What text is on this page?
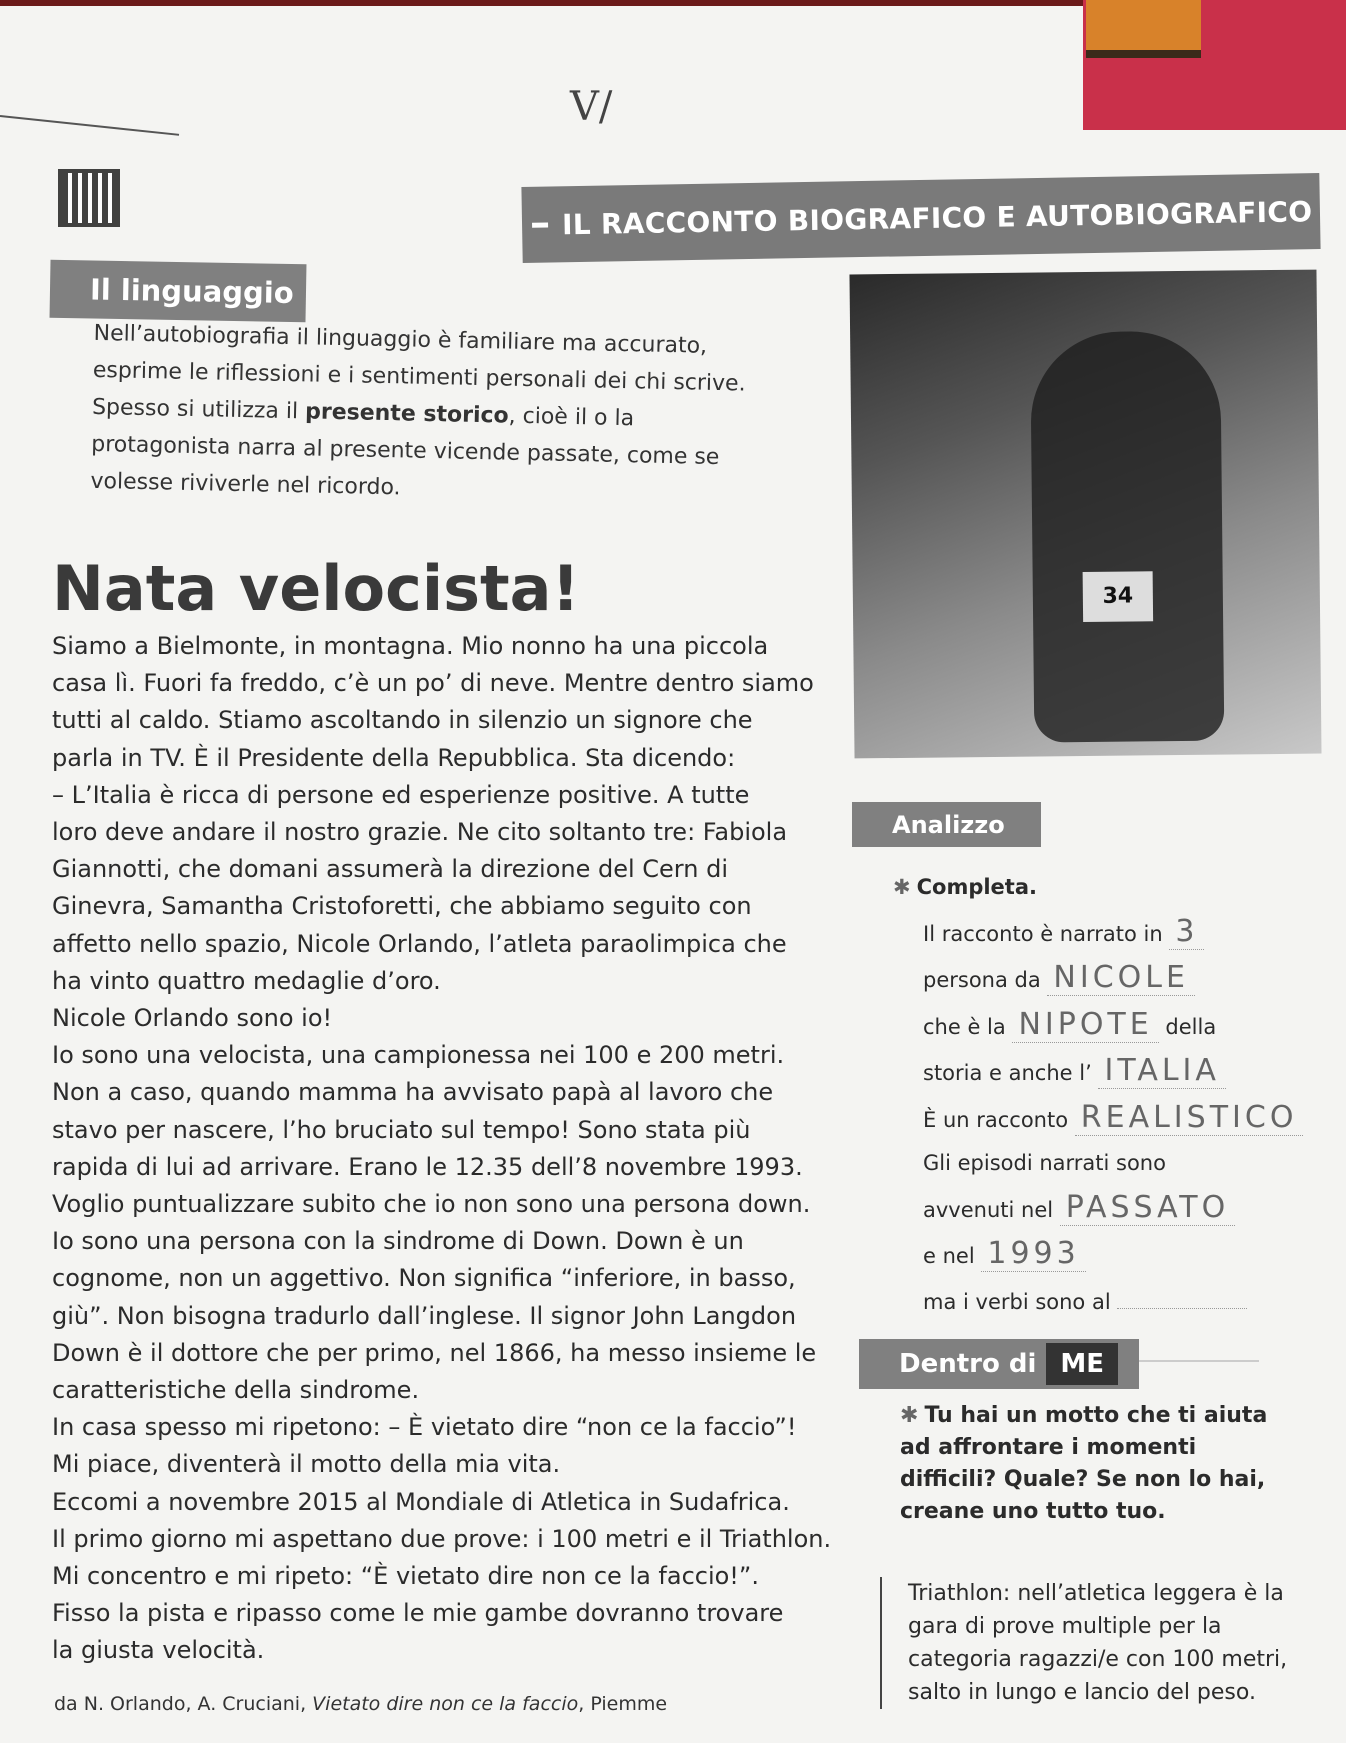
V/
IL RACCONTO BIOGRAFICO E AUTOBIOGRAFICO
Il linguaggio
Nell’autobiografia il linguaggio è familiare ma accurato, esprime le riflessioni e i sentimenti personali dei chi scrive. Spesso si utilizza il presente storico, cioè il o la protagonista narra al presente vicende passate, come se volesse riviverle nel ricordo.
34
Nata velocista!
Siamo a Bielmonte, in montagna. Mio nonno ha una piccola
casa lì. Fuori fa freddo, c’è un po’ di neve. Mentre dentro siamo
tutti al caldo. Stiamo ascoltando in silenzio un signore che
parla in TV. È il Presidente della Repubblica. Sta dicendo:
– L’Italia è ricca di persone ed esperienze positive. A tutte
loro deve andare il nostro grazie. Ne cito soltanto tre: Fabiola
Giannotti, che domani assumerà la direzione del Cern di
Ginevra, Samantha Cristoforetti, che abbiamo seguito con
affetto nello spazio, Nicole Orlando, l’atleta paraolimpica che
ha vinto quattro medaglie d’oro.
Nicole Orlando sono io!
Io sono una velocista, una campionessa nei 100 e 200 metri.
Non a caso, quando mamma ha avvisato papà al lavoro che
stavo per nascere, l’ho bruciato sul tempo! Sono stata più
rapida di lui ad arrivare. Erano le 12.35 dell’8 novembre 1993.
Voglio puntualizzare subito che io non sono una persona down.
Io sono una persona con la sindrome di Down. Down è un
cognome, non un aggettivo. Non significa “inferiore, in basso,
giù”. Non bisogna tradurlo dall’inglese. Il signor John Langdon
Down è il dottore che per primo, nel 1866, ha messo insieme le
caratteristiche della sindrome.
In casa spesso mi ripetono: – È vietato dire “non ce la faccio”!
Mi piace, diventerà il motto della mia vita.
Eccomi a novembre 2015 al Mondiale di Atletica in Sudafrica.
Il primo giorno mi aspettano due prove: i 100 metri e il Triathlon.
Mi concentro e mi ripeto: “È vietato dire non ce la faccio!”.
Fisso la pista e ripasso come le mie gambe dovranno trovare
la giusta velocità.
da N. Orlando, A. Cruciani, Vietato dire non ce la faccio, Piemme
Analizzo
✱ Completa.
Il racconto è narrato in 3
persona da NICOLE
che è la NIPOTE della
storia e anche l’ ITALIA
È un racconto REALISTICO
Gli episodi narrati sono
avvenuti nel PASSATO
e nel 1993
ma i verbi sono al
Dentro di ME
✱ Tu hai un motto che ti aiuta ad affrontare i momenti difficili? Quale? Se non lo hai, creane uno tutto tuo.
Triathlon: nell’atletica leggera è la gara di prove multiple per la categoria ragazzi/e con 100 metri, salto in lungo e lancio del peso.
